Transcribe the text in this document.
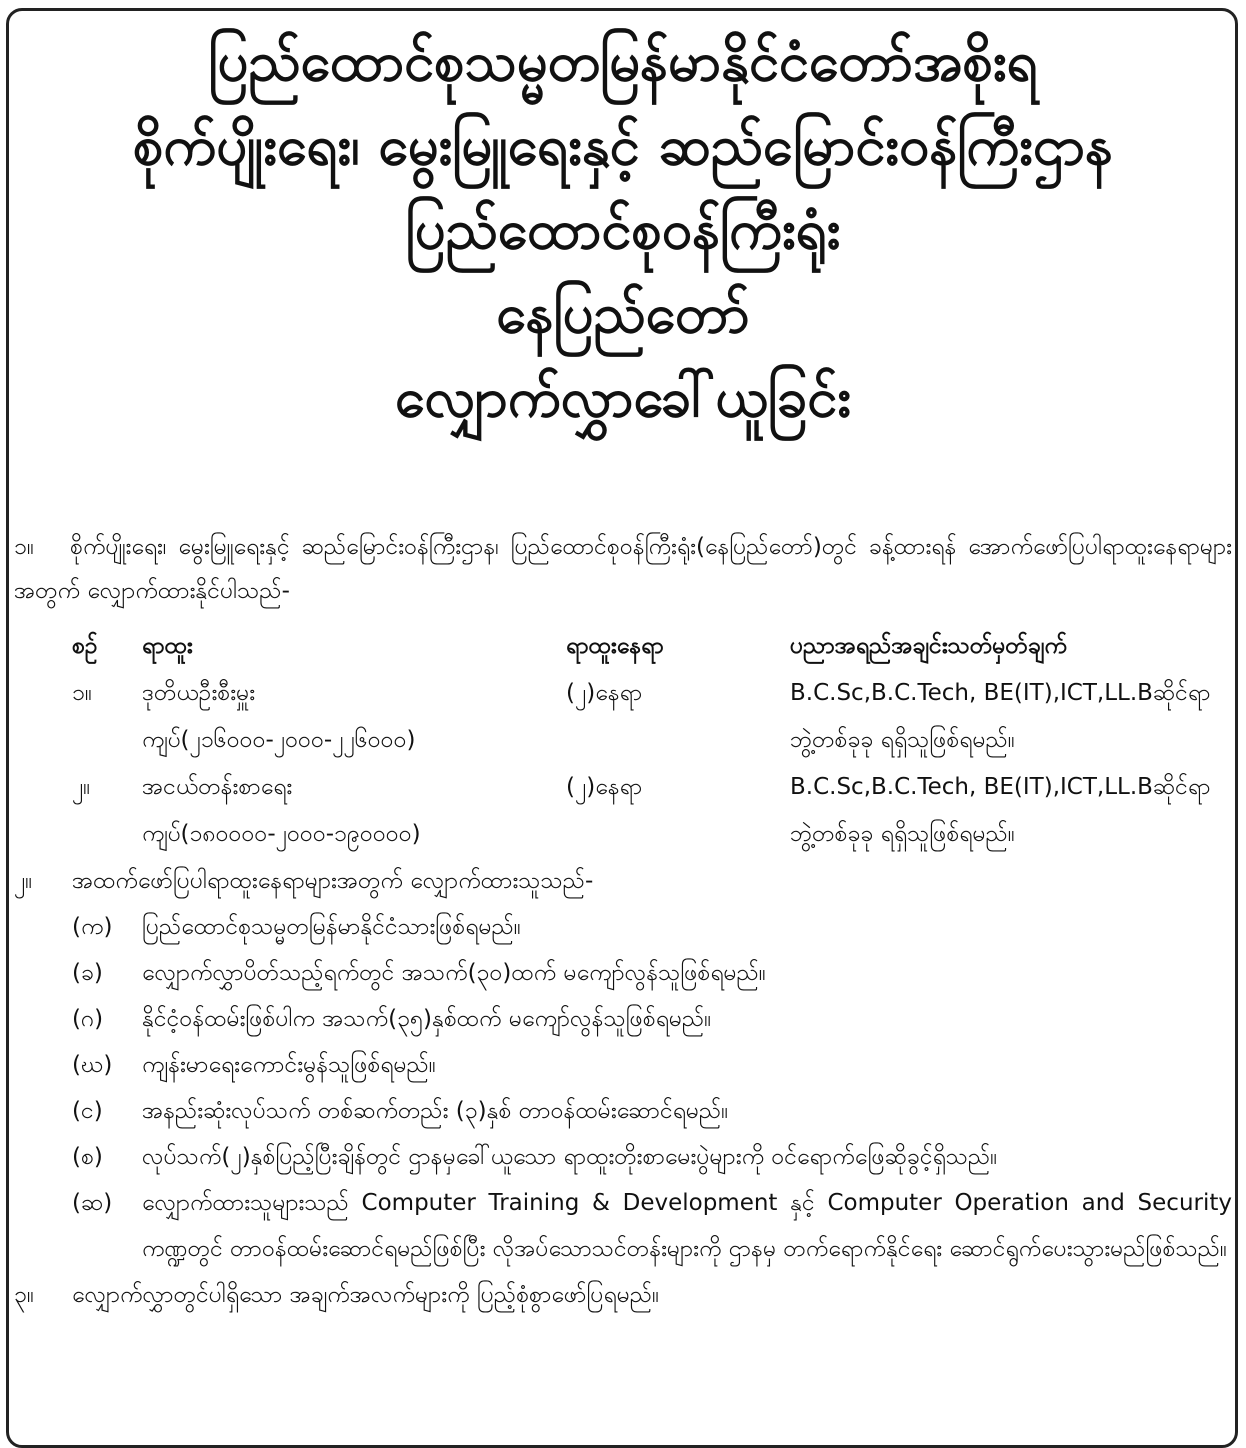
ပြည်ထောင်စုသမ္မတမြန်မာနိုင်ငံတော်အစိုးရ
စိုက်ပျိုးရေး၊ မွေးမြူရေးနှင့် ဆည်မြောင်းဝန်ကြီးဌာန
ပြည်ထောင်စုဝန်ကြီးရုံး
နေပြည်တော်
လျှောက်လွှာခေါ်ယူခြင်း
၁။ စိုက်ပျိုးရေး၊ မွေးမြူရေးနှင့် ဆည်မြောင်းဝန်ကြီးဌာန၊ ပြည်ထောင်စုဝန်ကြီးရုံး(နေပြည်တော်)တွင် ခန့်ထားရန် အောက်ဖော်ပြပါရာထူးနေရာများအတွက် လျှောက်ထားနိုင်ပါသည်-
စဉ် ရာထူး	ရာထူးနေရာ	ပညာအရည်အချင်းသတ်မှတ်ချက်
၁။ ဒုတိယဦးစီးမှူး	(၂)နေရာ	B.C.Sc,B.C.Tech, BE(IT),ICT,LL.Bဆိုင်ရာ
ကျပ်(၂၁၆၀၀၀-၂၀၀၀-၂၂၆၀၀၀)	ဘွဲ့တစ်ခုခု ရရှိသူဖြစ်ရမည်။
၂။ အငယ်တန်းစာရေး	(၂)နေရာ	B.C.Sc,B.C.Tech, BE(IT),ICT,LL.Bဆိုင်ရာ
ကျပ်(၁၈၀၀၀၀-၂၀၀၀-၁၉၀၀၀၀)	ဘွဲ့တစ်ခုခု ရရှိသူဖြစ်ရမည်။
၂။ အထက်ဖော်ပြပါရာထူးနေရာများအတွက် လျှောက်ထားသူသည်-
(က) ပြည်ထောင်စုသမ္မတမြန်မာနိုင်ငံသားဖြစ်ရမည်။
(ခ) လျှောက်လွှာပိတ်သည့်ရက်တွင် အသက်(၃၀)ထက် မကျော်လွန်သူဖြစ်ရမည်။
(ဂ) နိုင်ငံ့ဝန်ထမ်းဖြစ်ပါက အသက်(၃၅)နှစ်ထက် မကျော်လွန်သူဖြစ်ရမည်။
(ဃ) ကျန်းမာရေးကောင်းမွန်သူဖြစ်ရမည်။
(င) အနည်းဆုံးလုပ်သက် တစ်ဆက်တည်း (၃)နှစ် တာဝန်ထမ်းဆောင်ရမည်။
(စ) လုပ်သက်(၂)နှစ်ပြည့်ပြီးချိန်တွင် ဌာနမှခေါ်ယူသော ရာထူးတိုးစာမေးပွဲများကို ဝင်ရောက်ဖြေဆိုခွင့်ရှိသည်။
(ဆ) လျှောက်ထားသူများသည် Computer Training & Development နှင့် Computer Operation and Security ကဏ္ဍတွင် တာဝန်ထမ်းဆောင်ရမည်ဖြစ်ပြီး လိုအပ်သောသင်တန်းများကို ဌာနမှ တက်ရောက်နိုင်ရေး ဆောင်ရွက်ပေးသွားမည်ဖြစ်သည်။
၃။ လျှောက်လွှာတွင်ပါရှိသော အချက်အလက်များကို ပြည့်စုံစွာဖော်ပြရမည်။
